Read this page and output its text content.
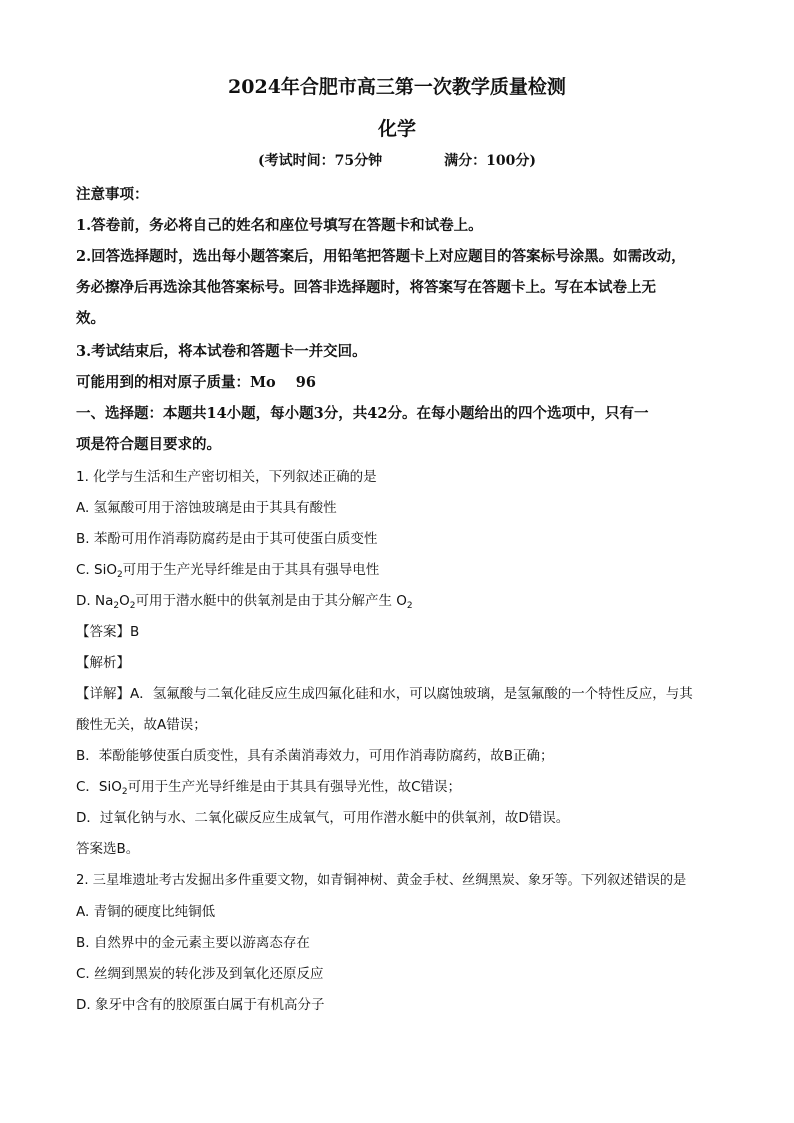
2024年合肥市高三第一次教学质量检测
化学
(考试时间：75分钟	满分：100分)
注意事项：
1.答卷前，务必将自己的姓名和座位号填写在答题卡和试卷上。
2.回答选择题时，选出每小题答案后，用铅笔把答题卡上对应题目的答案标号涂黑。如需改动，
务必擦净后再选涂其他答案标号。回答非选择题时，将答案写在答题卡上。写在本试卷上无
效。
3.考试结束后，将本试卷和答题卡一并交回。
可能用到的相对原子质量：Mo 96
一、选择题：本题共14小题，每小题3分，共42分。在每小题给出的四个选项中，只有一
项是符合题目要求的。
1. 化学与生活和生产密切相关，下列叙述正确的是
A. 氢氟酸可用于溶蚀玻璃是由于其具有酸性
B. 苯酚可用作消毒防腐药是由于其可使蛋白质变性
C. SiO$_2$可用于生产光导纤维是由于其具有强导电性
D. $Na_2O_2$可用于潜水艇中的供氧剂是由于其分解产生 $O_2$
【答案】B
【解析】
【详解】A．氢氟酸与二氧化硅反应生成四氟化硅和水，可以腐蚀玻璃，是氢氟酸的一个特性反应，与其
酸性无关，故A错误；
B．苯酚能够使蛋白质变性，具有杀菌消毒效力，可用作消毒防腐药，故B正确；
C．SiO$_2$可用于生产光导纤维是由于其具有强导光性，故C错误；
D．过氧化钠与水、二氧化碳反应生成氧气，可用作潜水艇中的供氧剂，故D错误。
答案选B。
2. 三星堆遗址考古发掘出多件重要文物，如青铜神树、黄金手杖、丝绸黑炭、象牙等。下列叙述错误的是
A. 青铜的硬度比纯铜低
B. 自然界中的金元素主要以游离态存在
C. 丝绸到黑炭的转化涉及到氧化还原反应
D. 象牙中含有的胶原蛋白属于有机高分子
